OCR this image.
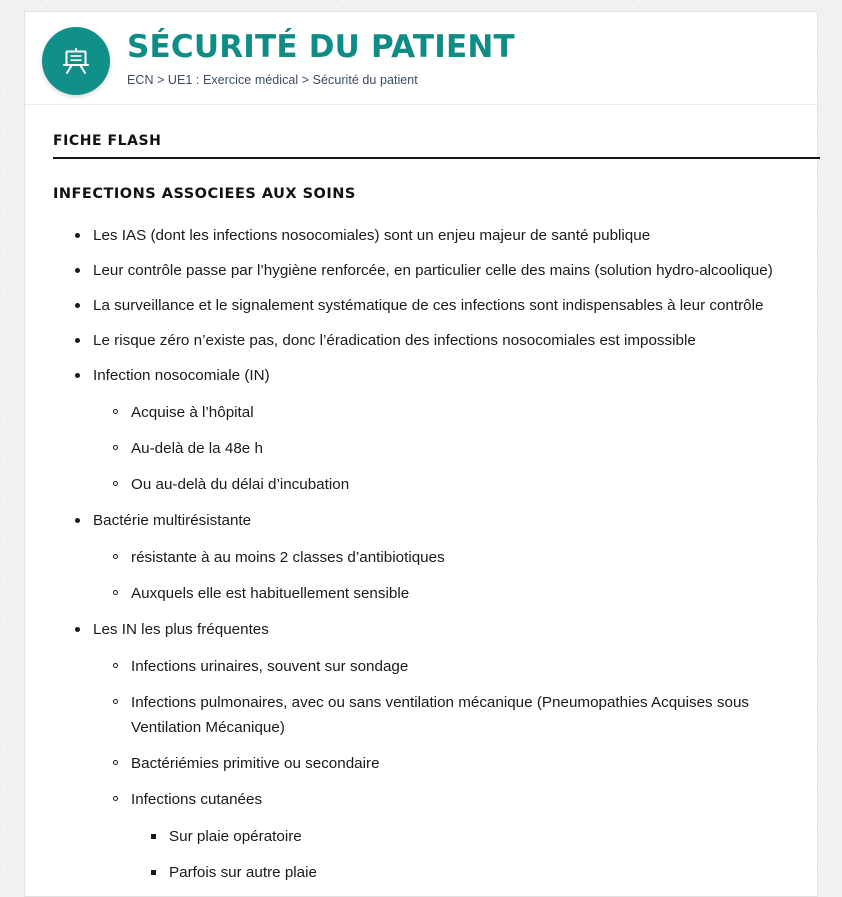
SÉCURITÉ DU PATIENT
ECN > UE1 : Exercice médical > Sécurité du patient
FICHE FLASH
INFECTIONS ASSOCIEES AUX SOINS
Les IAS (dont les infections nosocomiales) sont un enjeu majeur de santé publique
Leur contrôle passe par l’hygiène renforcée, en particulier celle des mains (solution hydro-alcoolique)
La surveillance et le signalement systématique de ces infections sont indispensables à leur contrôle
Le risque zéro n’existe pas, donc l’éradication des infections nosocomiales est impossible
Infection nosocomiale (IN)
Acquise à l’hôpital
Au-delà de la 48e h
Ou au-delà du délai d’incubation
Bactérie multirésistante
résistante à au moins 2 classes d’antibiotiques
Auxquels elle est habituellement sensible
Les IN les plus fréquentes
Infections urinaires, souvent sur sondage
Infections pulmonaires, avec ou sans ventilation mécanique (Pneumopathies Acquises sous Ventilation Mécanique)
Bactériémies primitive ou secondaire
Infections cutanées
Sur plaie opératoire
Parfois sur autre plaie
